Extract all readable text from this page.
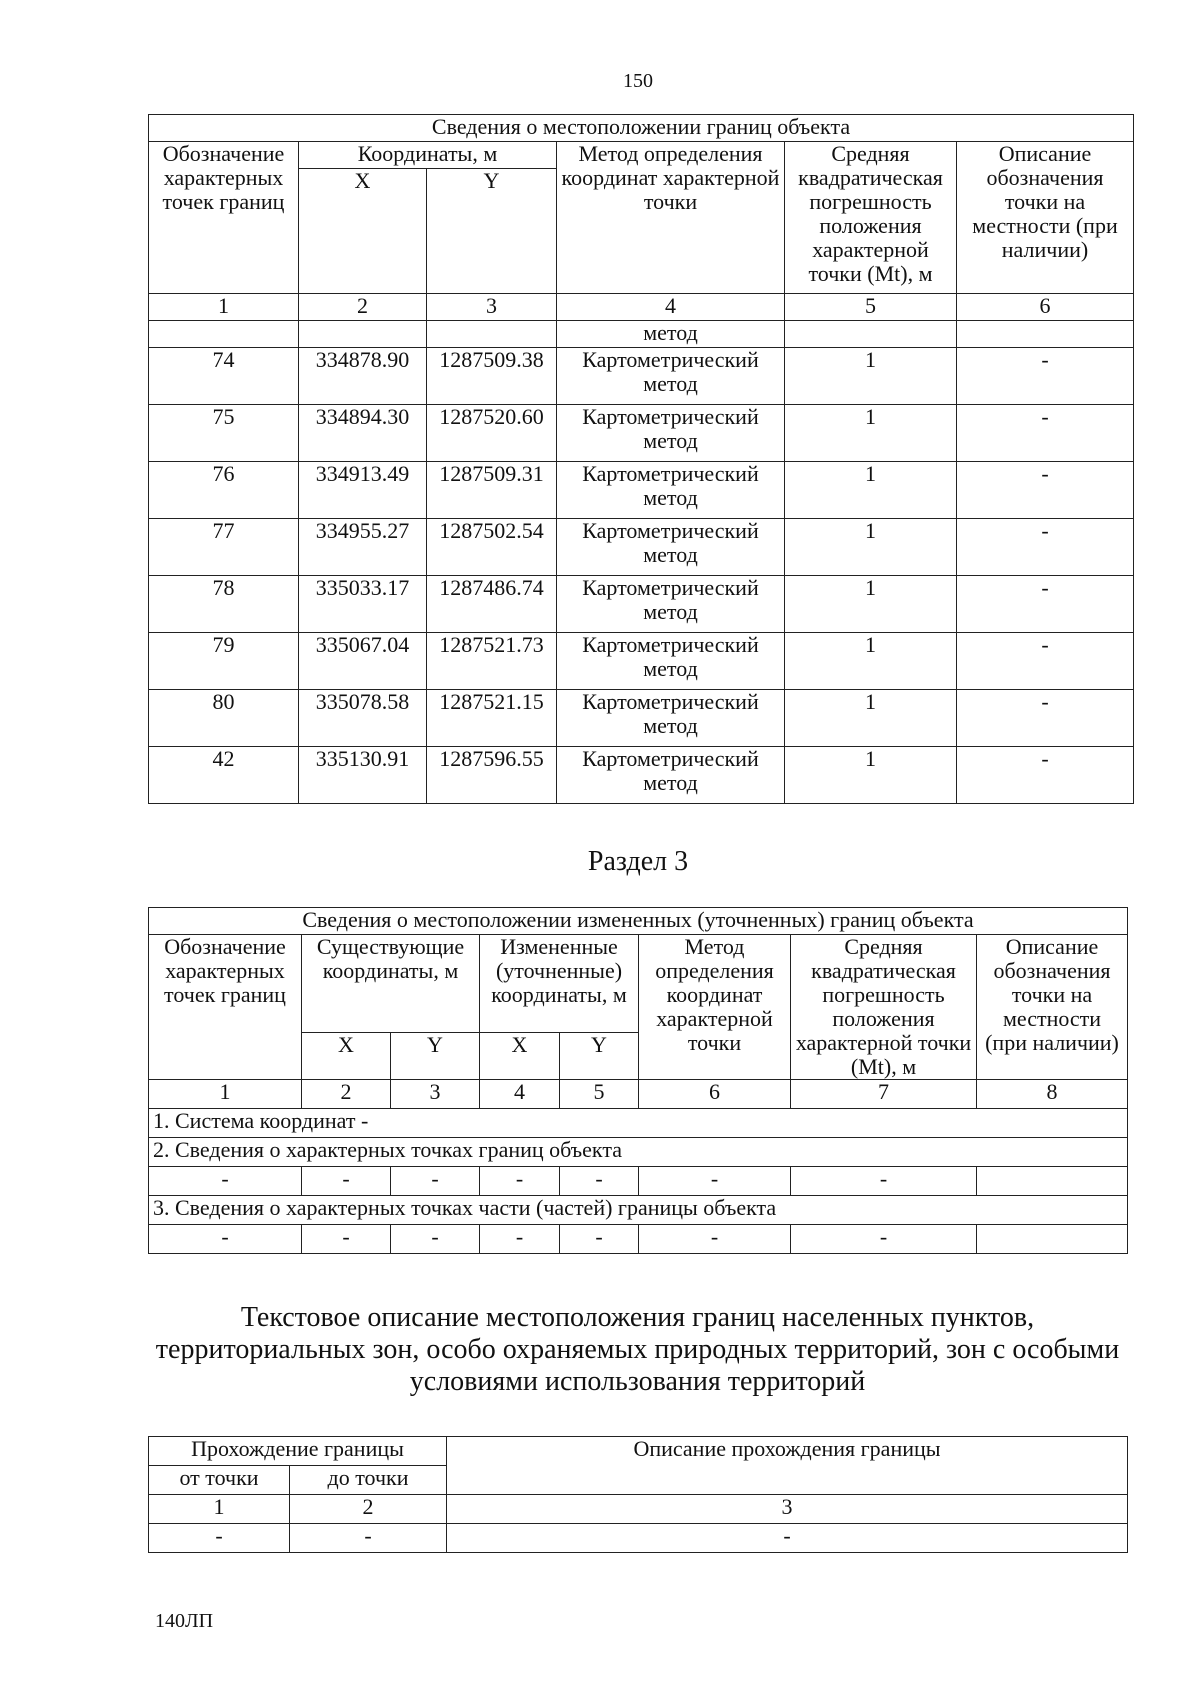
150
Сведения о местоположении границ объекта					
Обозначение характерных точек границ	Координаты, м		Метод определения координат характерной точки	Средняя квадратическая погрешность положения характерной точки (Mt), м	Описание обозначения точки на местности (при наличии)
	X	Y			
1	2	3	4	5	6
			метод		
74	334878.90	1287509.38	Картометрический метод	1	-
75	334894.30	1287520.60	Картометрический метод	1	-
76	334913.49	1287509.31	Картометрический метод	1	-
77	334955.27	1287502.54	Картометрический метод	1	-
78	335033.17	1287486.74	Картометрический метод	1	-
79	335067.04	1287521.73	Картометрический метод	1	-
80	335078.58	1287521.15	Картометрический метод	1	-
42	335130.91	1287596.55	Картометрический метод	1	-
Раздел 3
Сведения о местоположении измененных (уточненных) границ объекта							
Обозначение характерных точек границ	Существующие координаты, м		Измененные (уточненные) координаты, м		Метод определения координат характерной точки	Средняя квадратическая погрешность положения характерной точки (Mt), м	Описание обозначения точки на местности (при наличии)
	X	Y	X	Y			
1	2	3	4	5	6	7	8
1. Система координат -							
2. Сведения о характерных точках границ объекта							
-	-	-	-	-	-	-	
3. Сведения о характерных точках части (частей) границы объекта							
-	-	-	-	-	-	-	
Текстовое описание местоположения границ населенных пунктов, территориальных зон, особо охраняемых природных территорий, зон с особыми условиями использования территорий
Прохождение границы		Описание прохождения границы
от точки	до точки	
1	2	3
-	-	-
140ЛП
